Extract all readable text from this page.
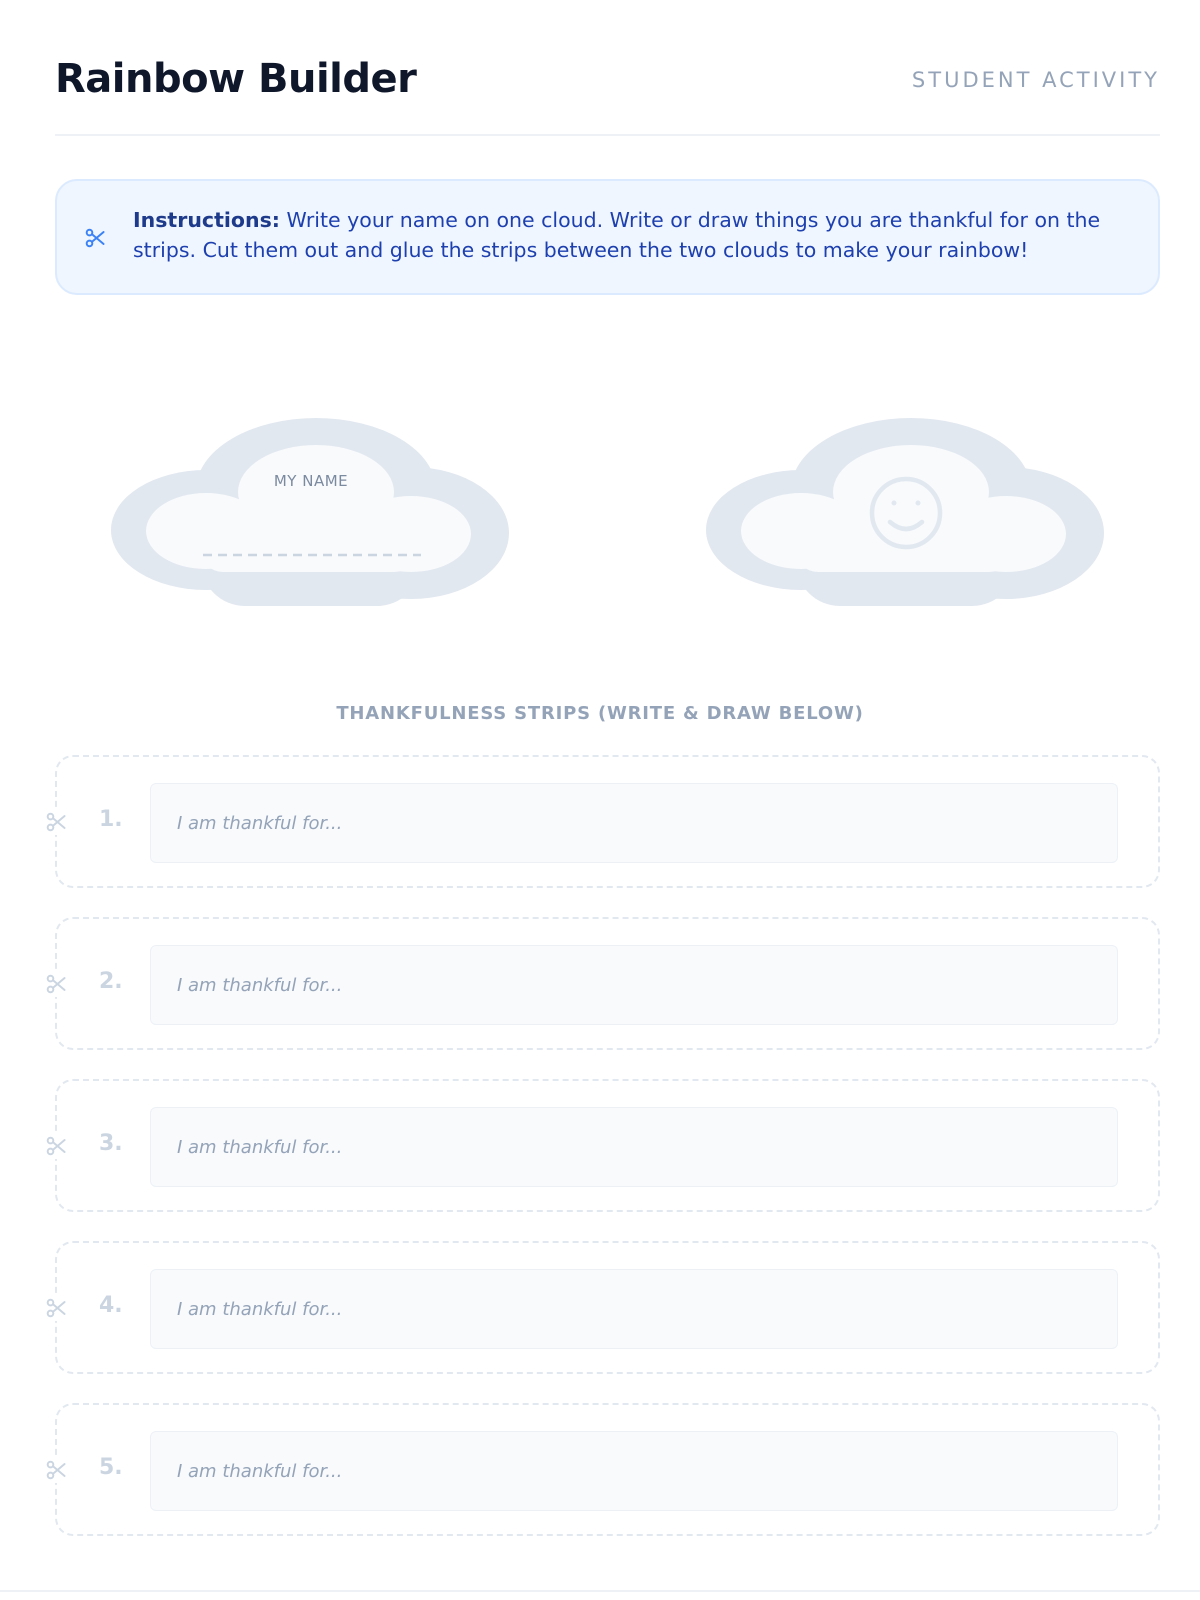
Rainbow Builder	STUDENT ACTIVITY
Instructions: Write your name on one cloud. Write or draw things you are thankful for on the strips. Cut them out and glue the strips between the two clouds to make your rainbow!
MY NAME
THANKFULNESS STRIPS (WRITE & DRAW BELOW)
1.
I am thankful for...
2.
I am thankful for...
3.
I am thankful for...
4.
I am thankful for...
5.
I am thankful for...
